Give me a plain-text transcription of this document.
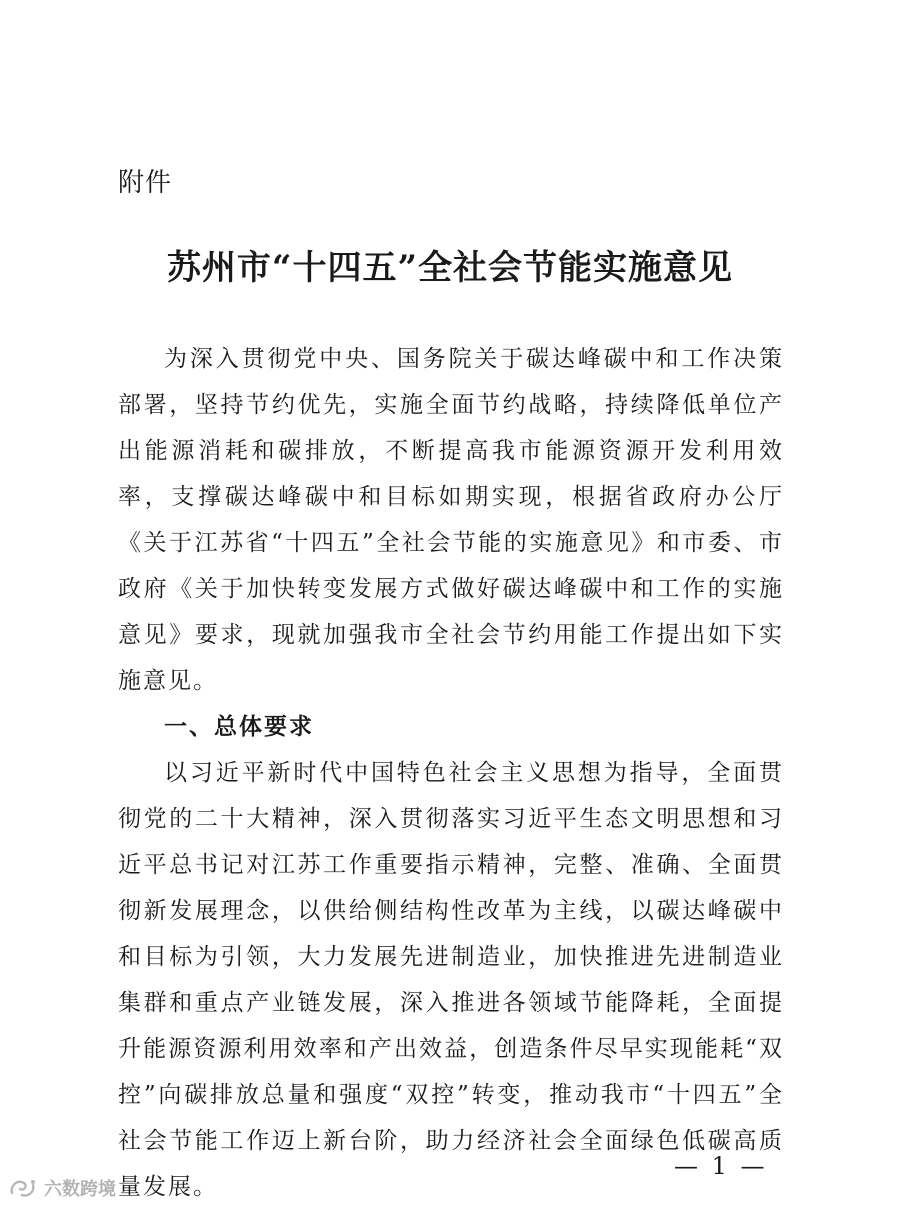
附件
苏州市“十四五”全社会节能实施意见

为深入贯彻党中央、国务院关于碳达峰碳中和工作决策部署，坚持节约优先，实施全面节约战略，持续降低单位产出能源消耗和碳排放，不断提高我市能源资源开发利用效率，支撑碳达峰碳中和目标如期实现，根据省政府办公厅《关于江苏省“十四五”全社会节能的实施意见》和市委、市政府《关于加快转变发展方式做好碳达峰碳中和工作的实施意见》要求，现就加强我市全社会节约用能工作提出如下实施意见。

一、总体要求

以习近平新时代中国特色社会主义思想为指导，全面贯彻党的二十大精神，深入贯彻落实习近平生态文明思想和习近平总书记对江苏工作重要指示精神，完整、准确、全面贯彻新发展理念，以供给侧结构性改革为主线，以碳达峰碳中和目标为引领，大力发展先进制造业，加快推进先进制造业集群和重点产业链发展，深入推进各领域节能降耗，全面提升能源资源利用效率和产出效益，创造条件尽早实现能耗“双控”向碳排放总量和强度“双控”转变，推动我市“十四五”全社会节能工作迈上新台阶，助力经济社会全面绿色低碳高质量发展。

— 1 —
六数跨境
